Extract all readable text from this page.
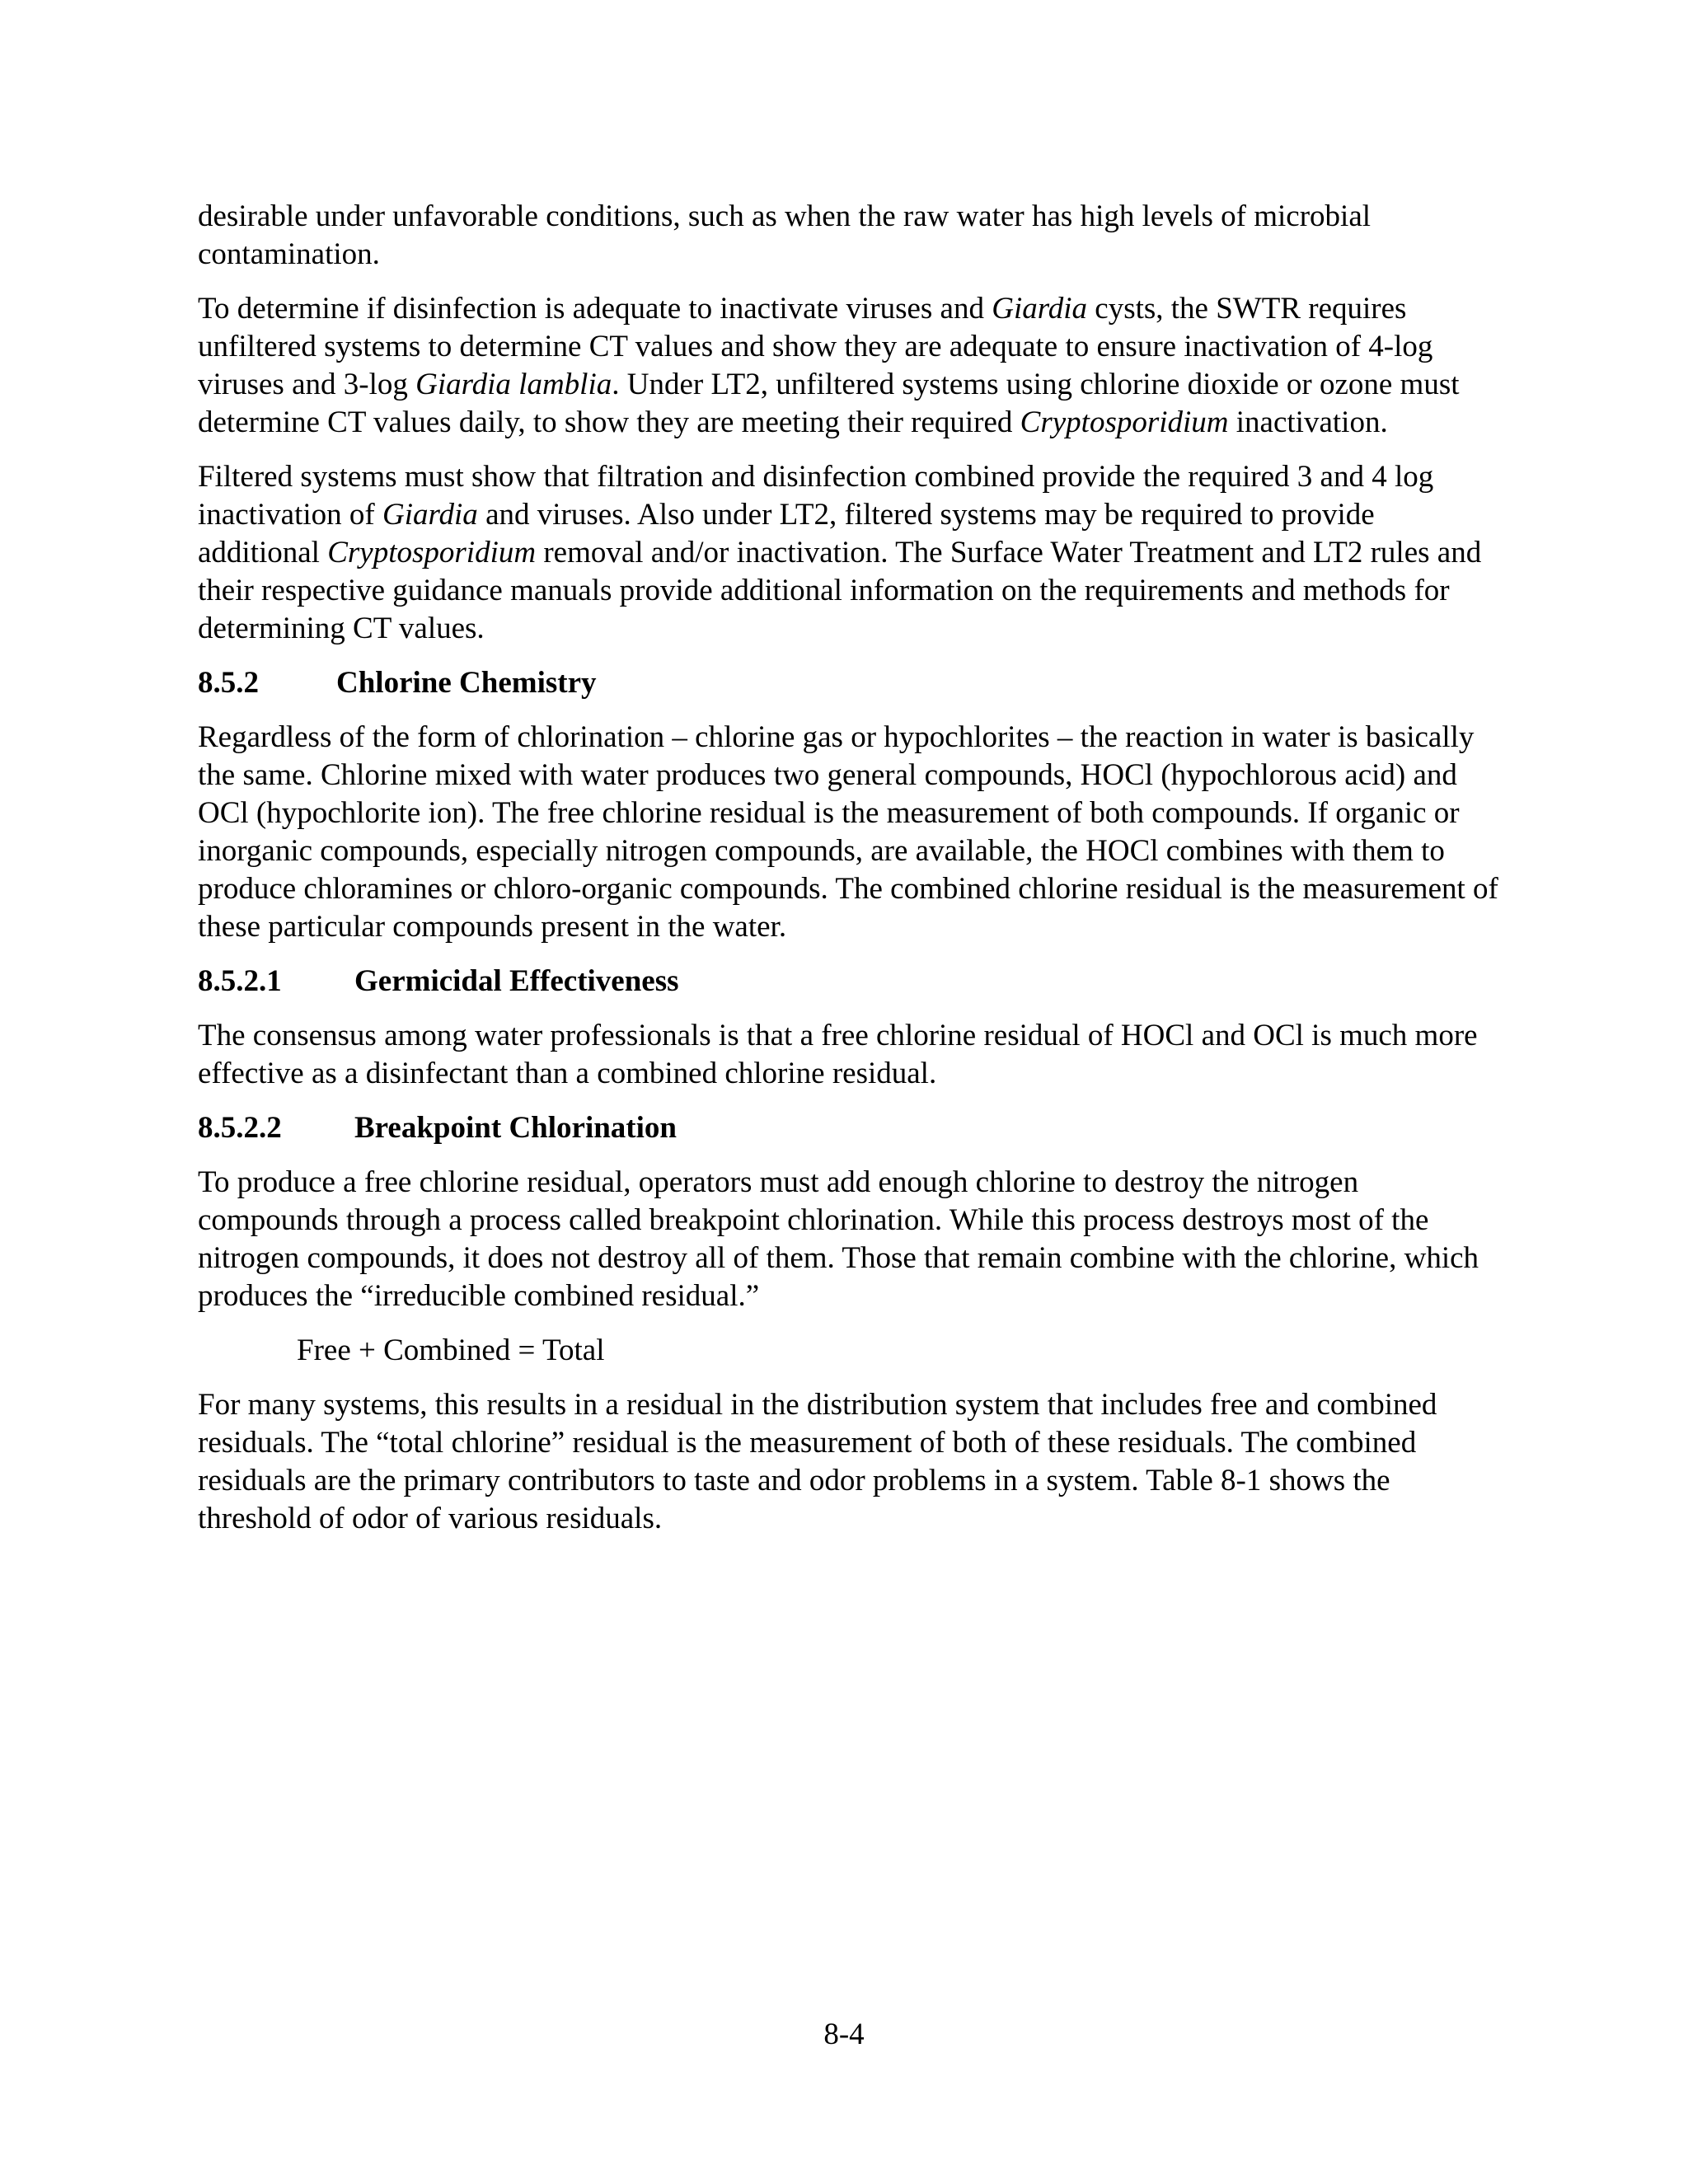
desirable under unfavorable conditions, such as when the raw water has high levels of microbial contamination.

To determine if disinfection is adequate to inactivate viruses and Giardia cysts, the SWTR requires unfiltered systems to determine CT values and show they are adequate to ensure inactivation of 4-log viruses and 3-log Giardia lamblia. Under LT2, unfiltered systems using chlorine dioxide or ozone must determine CT values daily, to show they are meeting their required Cryptosporidium inactivation.

Filtered systems must show that filtration and disinfection combined provide the required 3 and 4 log inactivation of Giardia and viruses. Also under LT2, filtered systems may be required to provide additional Cryptosporidium removal and/or inactivation. The Surface Water Treatment and LT2 rules and their respective guidance manuals provide additional information on the requirements and methods for determining CT values.

8.5.2	Chlorine Chemistry

Regardless of the form of chlorination – chlorine gas or hypochlorites – the reaction in water is basically the same. Chlorine mixed with water produces two general compounds, HOCl (hypochlorous acid) and OCl (hypochlorite ion). The free chlorine residual is the measurement of both compounds. If organic or inorganic compounds, especially nitrogen compounds, are available, the HOCl combines with them to produce chloramines or chloro-organic compounds. The combined chlorine residual is the measurement of these particular compounds present in the water.

8.5.2.1 Germicidal Effectiveness

The consensus among water professionals is that a free chlorine residual of HOCl and OCl is much more effective as a disinfectant than a combined chlorine residual.

8.5.2.2 Breakpoint Chlorination

To produce a free chlorine residual, operators must add enough chlorine to destroy the nitrogen compounds through a process called breakpoint chlorination. While this process destroys most of the nitrogen compounds, it does not destroy all of them. Those that remain combine with the chlorine, which produces the “irreducible combined residual.”

Free + Combined = Total

For many systems, this results in a residual in the distribution system that includes free and combined residuals. The “total chlorine” residual is the measurement of both of these residuals. The combined residuals are the primary contributors to taste and odor problems in a system. Table 8-1 shows the threshold of odor of various residuals.

8-4
